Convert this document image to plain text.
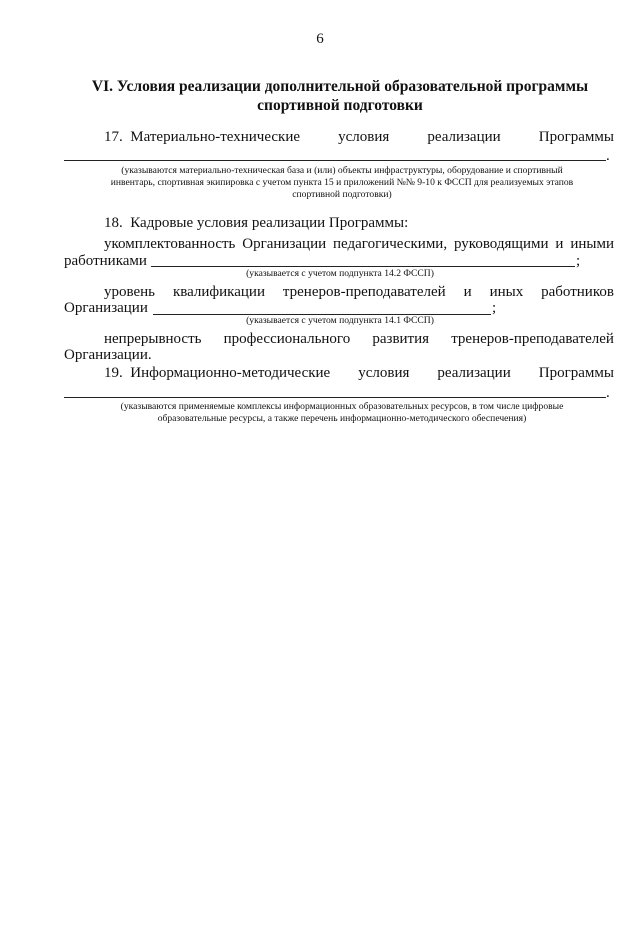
6
VI. Условия реализации дополнительной образовательной программы
спортивной подготовки
17.  Материально-технические	условия	реализации	Программы
.
(указываются материально-техническая база и (или) объекты инфраструктуры, оборудование и спортивный
инвентарь, спортивная экипировка с учетом пункта 15 и приложений №№ 9-10 к ФССП для реализуемых этапов
спортивной подготовки)
18.  Кадровые условия реализации Программы:
укомплектованность Организации педагогическими, руководящими и иными
работниками	;
(указывается с учетом подпункта 14.2 ФССП)
уровень квалификации тренеров-преподавателей и иных работников
Организации	;
(указывается с учетом подпункта 14.1 ФССП)
непрерывность профессионального развития тренеров-преподавателей
Организации.
19.  Информационно-методические условия реализации Программы
.
(указываются применяемые комплексы информационных образовательных ресурсов, в том числе цифровые
образовательные ресурсы, а также перечень информационно-методического обеспечения)
